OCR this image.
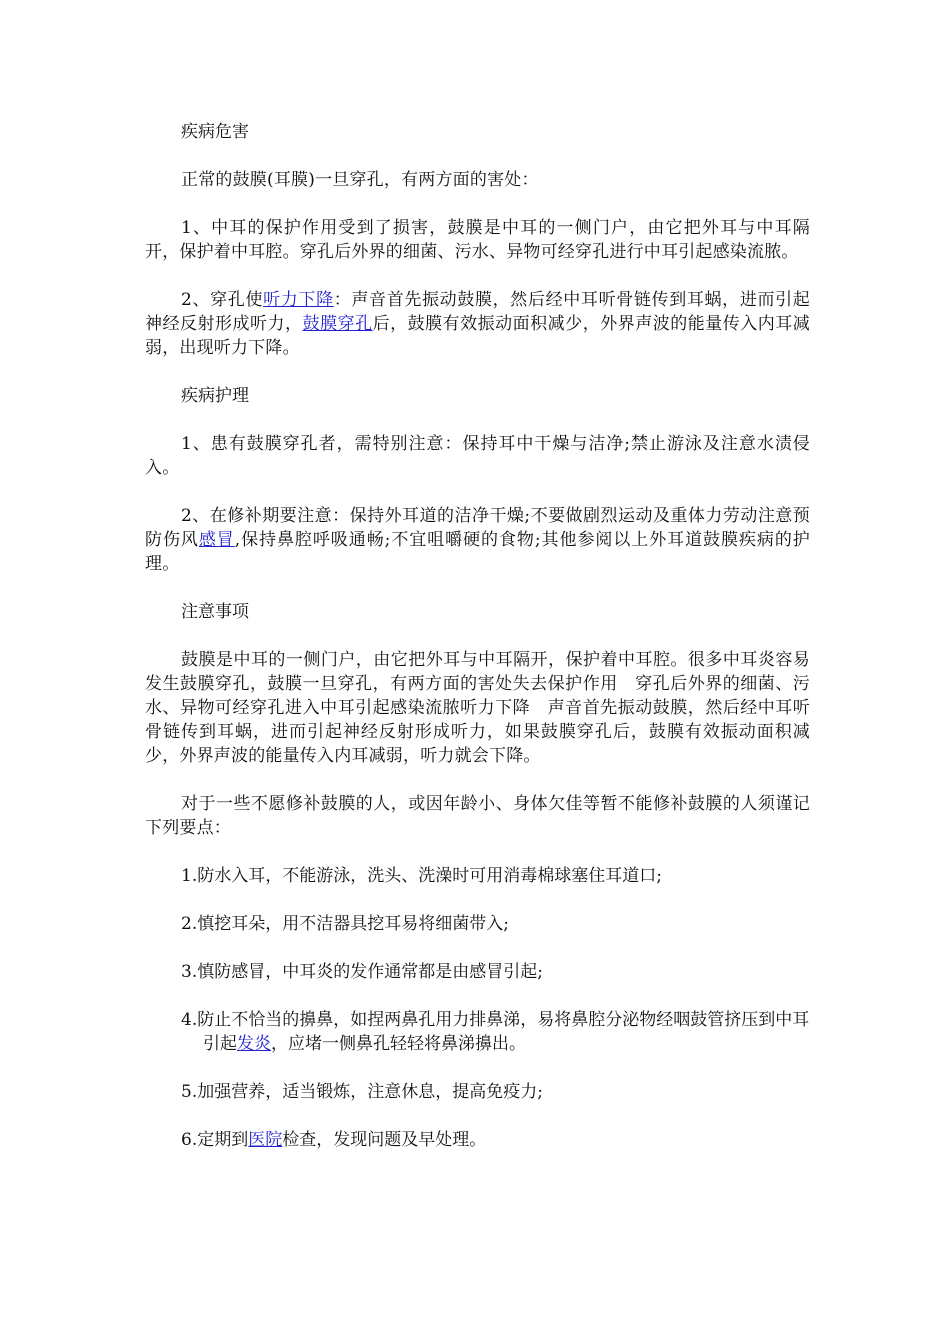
疾病危害

正常的鼓膜(耳膜)一旦穿孔，有两方面的害处：

1、中耳的保护作用受到了损害，鼓膜是中耳的一侧门户，由它把外耳与中耳隔开，保护着中耳腔。穿孔后外界的细菌、污水、异物可经穿孔进行中耳引起感染流脓。

2、穿孔使听力下降：声音首先振动鼓膜，然后经中耳听骨链传到耳蜗，进而引起神经反射形成听力，鼓膜穿孔后，鼓膜有效振动面积减少，外界声波的能量传入内耳减弱，出现听力下降。

疾病护理

1、患有鼓膜穿孔者，需特别注意：保持耳中干燥与洁净;禁止游泳及注意水渍侵入。

2、在修补期要注意：保持外耳道的洁净干燥;不要做剧烈运动及重体力劳动注意预防伤风感冒,保持鼻腔呼吸通畅;不宜咀嚼硬的食物;其他参阅以上外耳道鼓膜疾病的护理。

注意事项

鼓膜是中耳的一侧门户，由它把外耳与中耳隔开，保护着中耳腔。很多中耳炎容易发生鼓膜穿孔，鼓膜一旦穿孔，有两方面的害处失去保护作用　穿孔后外界的细菌、污水、异物可经穿孔进入中耳引起感染流脓听力下降　声音首先振动鼓膜，然后经中耳听骨链传到耳蜗，进而引起神经反射形成听力，如果鼓膜穿孔后，鼓膜有效振动面积减少，外界声波的能量传入内耳减弱，听力就会下降。

对于一些不愿修补鼓膜的人，或因年龄小、身体欠佳等暂不能修补鼓膜的人须谨记下列要点：

1.防水入耳，不能游泳，洗头、洗澡时可用消毒棉球塞住耳道口;

2.慎挖耳朵，用不洁器具挖耳易将细菌带入;

3.慎防感冒，中耳炎的发作通常都是由感冒引起;

4.防止不恰当的擤鼻，如捏两鼻孔用力排鼻涕，易将鼻腔分泌物经咽鼓管挤压到中耳引起发炎，应堵一侧鼻孔轻轻将鼻涕擤出。

5.加强营养，适当锻炼，注意休息，提高免疫力;

6.定期到医院检查，发现问题及早处理。
